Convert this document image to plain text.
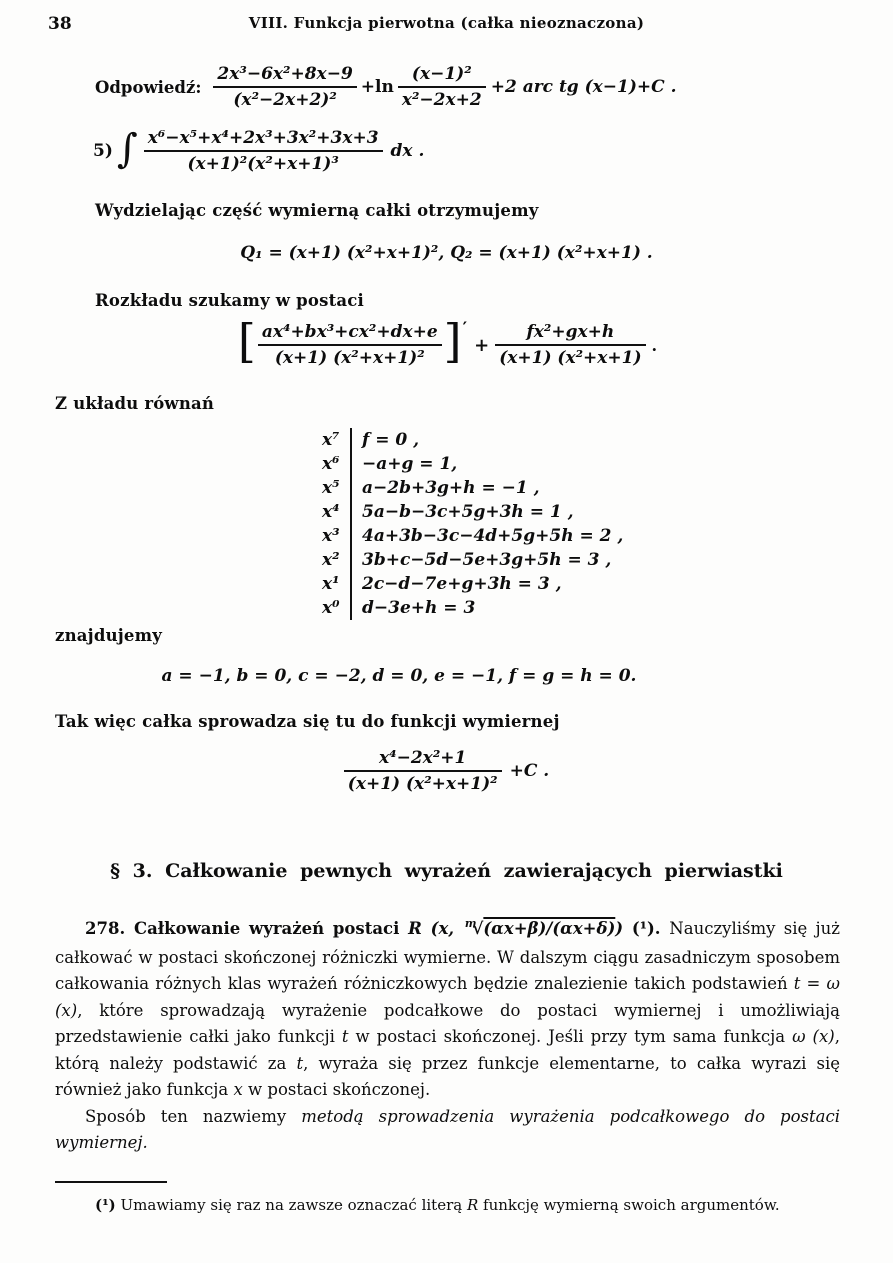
38	VIII. Funkcja pierwotna (całka nieoznaczona)
Odpowiedź: $\frac{\text{2x³−6x²+8x−9}}{\text{(x²−2x+2)²}} +\ln \frac{\text{(x−1)²}}{\text{x²−2x+2}} +2$ arc tg (x−1)+C .
5) ∫ $\frac{\text{x⁶−x⁵+x⁴+2x³+3x²+3x+3}}{\text{(x+1)²(x²+x+1)³}}$ dx .
Wydzielając część wymierną całki otrzymujemy
Q₁ = (x+1) (x²+x+1)², Q₂ = (x+1) (x²+x+1) .
Rozkładu szukamy w postaci
[ $\frac{\text{ax⁴+bx³+cx²+dx+e}}{\text{(x+1) (x²+x+1)²}}$ ] ′
+ $\frac{\text{fx²+gx+h}}{\text{(x+1) (x²+x+1)}}$ .
Z układu równań
x⁷	f = 0 ,
x⁶	−a+g = 1,
x⁵	a−2b+3g+h = −1 ,
x⁴	5a−b−3c+5g+3h = 1 ,
x³	4a+3b−3c−4d+5g+5h = 2 ,
x²	3b+c−5d−5e+3g+5h = 3 ,
x¹	2c−d−7e+g+3h = 3 ,
x⁰	d−3e+h = 3
znajdujemy
a = −1, b = 0, c = −2, d = 0, e = −1, f = g = h = 0.
Tak więc całka sprowadza się tu do funkcji wymiernej
$\frac{\text{x⁴−2x²+1}}{\text{(x+1) (x²+x+1)²}} +C$ .
§ 3. Całkowanie pewnych wyrażeń zawierających pierwiastki

278. Całkowanie wyrażeń postaci R (x, $^m$√(αx+β)/(αx+δ)) (¹). Nauczyliśmy się już całkować w postaci skończonej różniczki wymierne. W dalszym ciągu zasadniczym sposobem całkowania różnych klas wyrażeń różniczkowych będzie znalezienie takich podstawień t = ω (x), które sprowadzają wyrażenie podcałkowe do postaci wymiernej i umożliwiają przedstawienie całki jako funkcji t w postaci skończonej. Jeśli przy tym sama funkcja ω (x), którą należy podstawić za t, wyraża się przez funkcje elementarne, to całka wyrazi się również jako funkcja x w postaci skończonej.

Sposób ten nazwiemy metodą sprowadzenia wyrażenia podcałkowego do postaci wymiernej.

(¹) Umawiamy się raz na zawsze oznaczać literą R funkcję wymierną swoich argumentów.
